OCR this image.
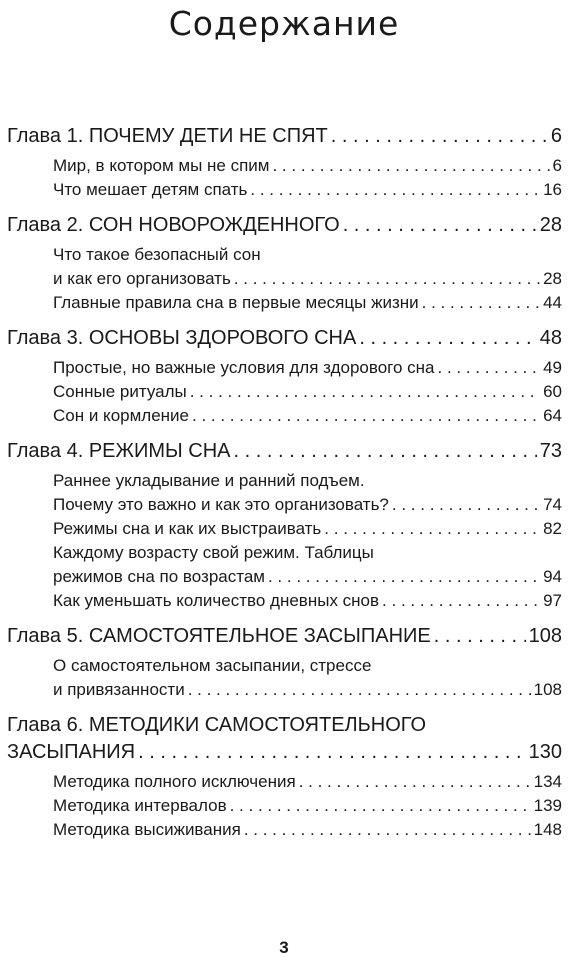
Содержание
Глава 1. ПОЧЕМУ ДЕТИ НЕ СПЯТ . . .	6
Мир, в котором мы не спим . . .	6
Что мешает детям спать . . .	16
Глава 2. СОН НОВОРОЖДЕННОГО . . .	28
Что такое безопасный сон
и как его организовать . . .	28
Главные правила сна в первые месяцы жизни . . .	44
Глава 3. ОСНОВЫ ЗДОРОВОГО СНА . . .	48
Простые, но важные условия для здорового сна . . .	49
Сонные ритуалы . . .	60
Сон и кормление . . .	64
Глава 4. РЕЖИМЫ СНА . . .	73
Раннее укладывание и ранний подъем.
Почему это важно и как это организовать? . . .	74
Режимы сна и как их выстраивать . . .	82
Каждому возрасту свой режим. Таблицы
режимов сна по возрастам . . .	94
Как уменьшать количество дневных снов . . .	97
Глава 5. САМОСТОЯТЕЛЬНОЕ ЗАСЫПАНИЕ . . .	108
О самостоятельном засыпании, стрессе
и привязанности . . .	108
Глава 6. МЕТОДИКИ САМОСТОЯТЕЛЬНОГО
ЗАСЫПАНИЯ . . .	130
Методика полного исключения . . .	134
Методика интервалов . . .	139
Методика высиживания . . .	148
3
